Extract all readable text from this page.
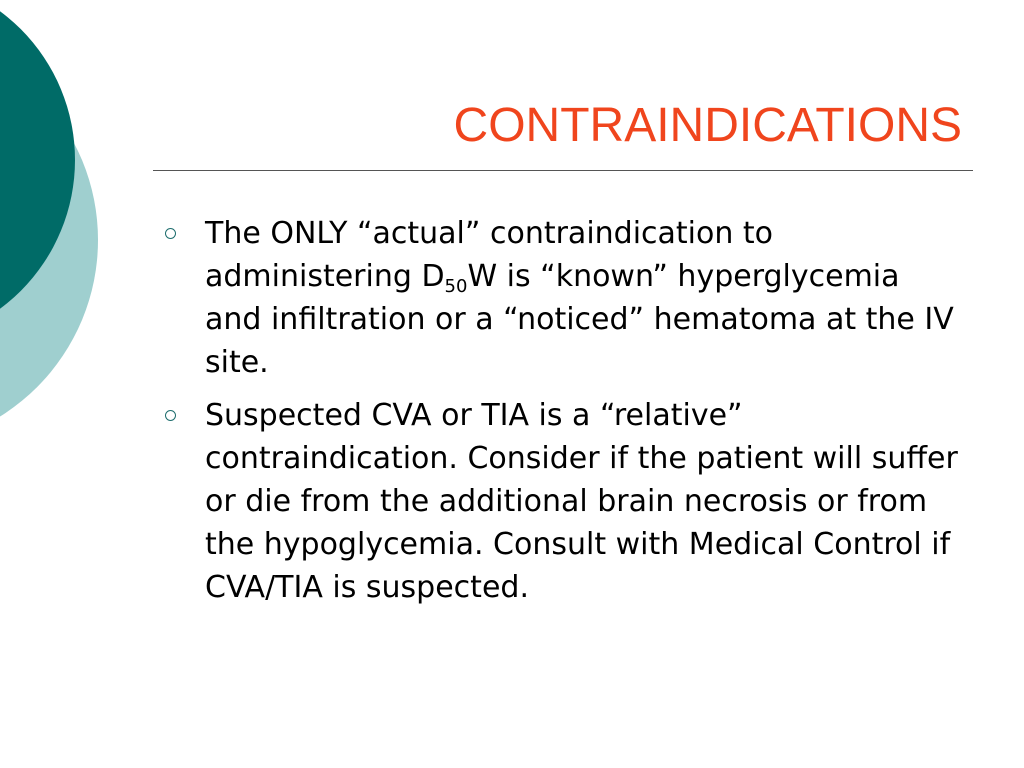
CONTRAINDICATIONS
The ONLY “actual” contraindication to administering $D_{50}W$ is “known” hyperglycemia and infiltration or a “noticed” hematoma at the IV site.
Suspected CVA or TIA is a “relative” contraindication. Consider if the patient will suffer or die from the additional brain necrosis or from the hypoglycemia. Consult with Medical Control if CVA/TIA is suspected.
